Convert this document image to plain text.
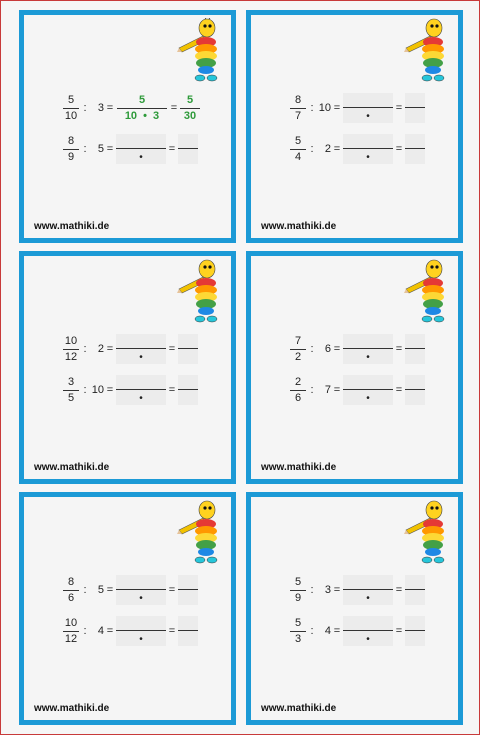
$\frac{5}{10}$ :	$3 = \frac{5}{10 • 3} = \frac{5}{30}$
$\frac{8}{9}$ :	5 =
•
=
www.mathiki.de
$\frac{8}{7}$ : 10 =
•
=
$\frac{5}{4}$ :	2 =
•
=
www.mathiki.de
$\frac{10}{12}$ :	2 =
•
=
$\frac{3}{5}$ : 10 =
•
=
www.mathiki.de
$\frac{7}{2}$ :	6 =
•
=
$\frac{2}{6}$ :	7 =
•
=
www.mathiki.de
$\frac{8}{6}$ :	5 =
•
=
$\frac{10}{12}$ :	4 =
•
=
www.mathiki.de
$\frac{5}{9}$ :	3 =
•
=
$\frac{5}{3}$ :	4 =
•
=
www.mathiki.de
